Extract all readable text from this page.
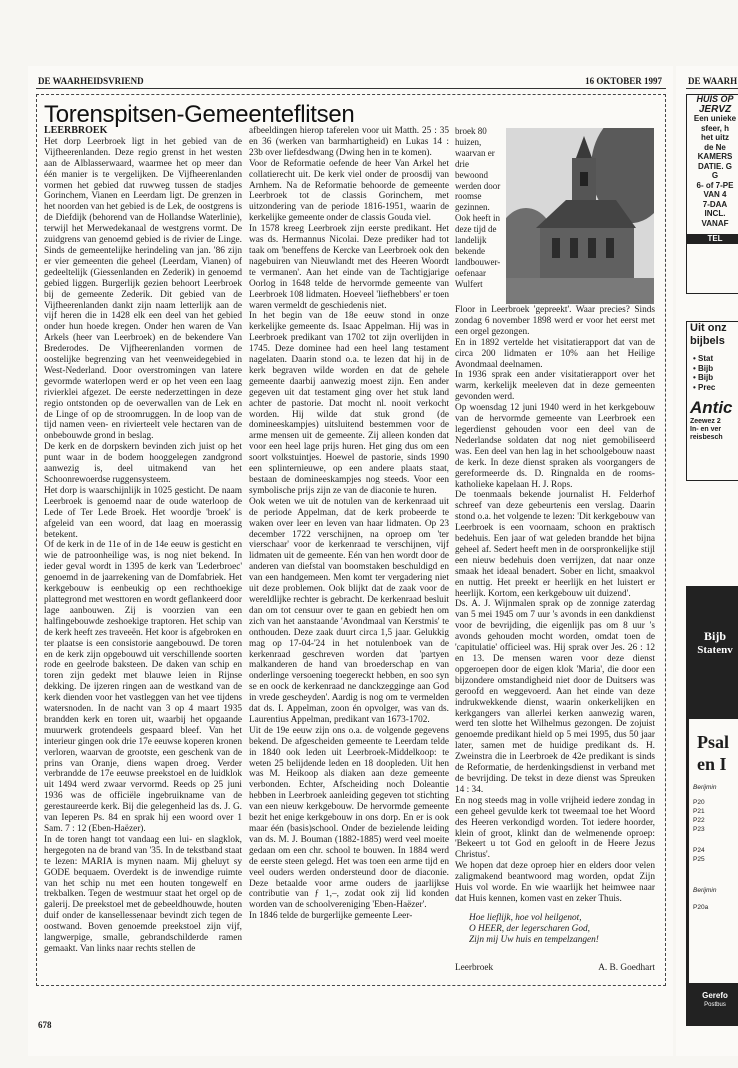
DE WAARHEIDSVRIEND	16 OKTOBER 1997
Torenspitsen-Gemeenteflitsen

LEERBROEK

Het dorp Leerbroek ligt in het gebied van de Vijfheerenlanden. Deze regio grenst in het westen aan de Alblasserwaard, waarmee het op meer dan één manier is te vergelijken. De Vijfheerenlanden vormen het gebied dat ruwweg tussen de stadjes Gorinchem, Vianen en Leerdam ligt. De grenzen in het noorden van het gebied is de Lek, de oostgrens is de Diefdijk (behorend van de Hollandse Waterlinie), terwijl het Merwedekanaal de westgrens vormt. De zuidgrens van genoemd gebied is de rivier de Linge. Sinds de gemeentelijke herindeling van jan. '86 zijn er vier gemeenten die geheel (Leerdam, Vianen) of gedeeltelijk (Giessenlanden en Zederik) in genoemd gebied liggen. Burgerlijk gezien behoort Leerbroek bij de gemeente Zederik. Dit gebied van de Vijfheerenlanden dankt zijn naam letterlijk aan de vijf heren die in 1428 elk een deel van het gebied onder hun hoede kregen. Onder hen waren de Van Arkels (heer van Leerbroek) en de bekendere Van Brederodes. De Vijfheerenlanden vormen de oostelijke begrenzing van het veenweidegebied in West-Nederland. Door overstromingen van latere gevormde waterlopen werd er op het veen een laag rivierklei afgezet. De eerste nederzettingen in deze regio ontstonden op de oeverwallen van de Lek en de Linge of op de stroomruggen. In de loop van de tijd namen veen- en rivierteelt vele hectaren van de onbebouwde grond in beslag.

De kerk en de dorpskern bevinden zich juist op het punt waar in de bodem hooggelegen zandgrond aanwezig is, deel uitmakend van het Schoonrewoerdse ruggensysteem.

Het dorp is waarschijnlijk in 1025 gesticht. De naam Leerbroek is genoemd naar de oude waterloop de Lede of Ter Lede Broek. Het woordje 'broek' is afgeleid van een woord, dat laag en moerassig betekent.

Of de kerk in de 11e of in de 14e eeuw is gesticht en wie de patroonheilige was, is nog niet bekend. In ieder geval wordt in 1395 de kerk van 'Lederbroec' genoemd in de jaarrekening van de Domfabriek. Het kerkgebouw is eenbeukig op een rechthoekige plattegrond met westtoren en wordt geflankeerd door lage aanbouwen. Zij is voorzien van een halfingebouwde zeshoekige traptoren. Het schip van de kerk heeft zes traveeën. Het koor is afgebroken en ter plaatse is een consistorie aangebouwd. De toren en de kerk zijn opgebouwd uit verschillende soorten rode en geelrode baksteen. De daken van schip en toren zijn gedekt met blauwe leien in Rijnse dekking. De ijzeren ringen aan de westkand van de kerk dienden voor het vastleggen van het vee tijdens watersnoden. In de nacht van 3 op 4 maart 1935 brandden kerk en toren uit, waarbij het opgaande muurwerk grotendeels gespaard bleef. Van het interieur gingen ook drie 17e eeuwse koperen kronen verloren, waarvan de grootste, een geschenk van de prins van Oranje, diens wapen droeg. Verder verbrandde de 17e eeuwse preekstoel en de luidklok uit 1494 werd zwaar vervormd. Reeds op 25 juni 1936 was de officiële ingebruikname van de gerestaureerde kerk. Bij die gelegenheid las ds. J. G. van Ieperen Ps. 84 en sprak hij een woord over 1 Sam. 7 : 12 (Eben-Haëzer).

In de toren hangt tot vandaag een lui- en slagklok, hergegoten na de brand van '35. In de tekstband staat te lezen: MARIA is mynen naam. Mij gheluyt sy GODE bequaem. Overdekt is de inwendige ruimte van het schip nu met een houten tongewelf en trekbalken. Tegen de westmuur staat het orgel op de galerij. De preekstoel met de gebeeldhouwde, houten duif onder de kansellessenaar bevindt zich tegen de oostwand. Boven genoemde preekstoel zijn vijf, langwerpige, smalle, gebrandschilderde ramen gemaakt. Van links naar rechts stellen de

afbeeldingen hierop taferelen voor uit Matth. 25 : 35 en 36 (werken van barmhartigheid) en Lukas 14 : 23b over liefdesdwang (Dwing hen in te komen).

Voor de Reformatie oefende de heer Van Arkel het collatierecht uit. De kerk viel onder de proosdij van Arnhem. Na de Reformatie behoorde de gemeente Leerbroek tot de classis Gorinchem, met uitzondering van de periode 1816-1951, waarin de kerkelijke gemeente onder de classis Gouda viel.

In 1578 kreeg Leerbroek zijn eerste predikant. Het was ds. Hermannus Nicolai. Deze prediker had tot taak om 'beneffens de Kercke van Leerbroek ook den nagebuiren van Nieuwlandt met des Heeren Woordt te vermanen'. Aan het einde van de Tachtigjarige Oorlog in 1648 telde de hervormde gemeente van Leerbroek 108 lidmaten. Hoeveel 'liefhebbers' er toen waren vermeldt de geschiedenis niet.

In het begin van de 18e eeuw stond in onze kerkelijke gemeente ds. Isaac Appelman. Hij was in Leerbroek predikant van 1702 tot zijn overlijden in 1745. Deze dominee had een heel lang testament nagelaten. Daarin stond o.a. te lezen dat hij in de kerk begraven wilde worden en dat de gehele gemeente daarbij aanwezig moest zijn. Een ander gegeven uit dat testament ging over het stuk land achter de pastorie. Dat mocht nl. nooit verkocht worden. Hij wilde dat stuk grond (de domineeskampjes) uitsluitend bestemmen voor de arme mensen uit de gemeente. Zij alleen konden dat voor een heel lage prijs huren. Het ging dus om een soort volkstuintjes. Hoewel de pastorie, sinds 1990 een splinternieuwe, op een andere plaats staat, bestaan de domineeskampjes nog steeds. Voor een symbolische prijs zijn ze van de diaconie te huren.

Ook weten we uit de notulen van de kerkenraad uit de periode Appelman, dat de kerk probeerde te waken over leer en leven van haar lidmaten. Op 23 december 1722 verschijnen, na oproep om 'ter vierschaar' voor de kerkenraad te verschijnen, vijf lidmaten uit de gemeente. Eén van hen wordt door de anderen van diefstal van boomstaken beschuldigd en van een handgemeen. Men komt ter vergadering niet uit deze problemen. Ook blijkt dat de zaak voor de wereldlijke rechter is gebracht. De kerkenraad besluit dan om tot censuur over te gaan en gebiedt hen om zich van het aanstaande 'Avondmaal van Kerstmis' te onthouden. Deze zaak duurt circa 1,5 jaar. Gelukkig mag op 17-04-'24 in het notulenboek van de kerkenraad geschreven worden dat 'partyen malkanderen de hand van broederschap en van onderlinge versoening toegereckt hebben, en soo syn se en oock de kerkenraad ne danckzegginge aan God in vrede gescheyden'. Aardig is nog om te vermelden dat ds. I. Appelman, zoon én opvolger, was van ds. Laurentius Appelman, predikant van 1673-1702.

Uit de 19e eeuw zijn ons o.a. de volgende gegevens bekend. De afgescheiden gemeente te Leerdam telde in 1840 ook leden uit Leerbroek-Middelkoop: te weten 25 belijdende leden en 18 doopleden. Uit hen was M. Heikoop als diaken aan deze gemeente verbonden. Echter, Afscheiding noch Doleantie hebben in Leerbroek aanleiding gegeven tot stichting van een nieuw kerkgebouw. De hervormde gemeente bezit het enige kerkgebouw in ons dorp. En er is ook maar één (basis)school. Onder de bezielende leiding van ds. M. J. Bouman (1882-1885) werd veel moeite gedaan om een chr. school te bouwen. In 1884 werd de eerste steen gelegd. Het was toen een arme tijd en veel ouders werden ondersteund door de diaconie. Deze betaalde voor arme ouders de jaarlijkse contributie van ƒ 1,–, zodat ook zij lid konden worden van de schoolvereniging 'Eben-Haëzer'.

In 1846 telde de burgerlijke gemeente Leer-

broek 80 huizen, waarvan er drie bewoond werden door roomse gezinnen. Ook heeft in deze tijd de landelijk bekende landbouwer-oefenaar Wulfert

Floor in Leerbroek 'gepreekt'. Waar precies? Sinds zondag 6 november 1898 werd er voor het eerst met een orgel gezongen.

En in 1892 vertelde het visitatierapport dat van de circa 200 lidmaten er 10% aan het Heilige Avondmaal deelnamen.

In 1936 sprak een ander visitatierapport over het warm, kerkelijk meeleven dat in deze gemeenten gevonden werd.

Op woensdag 12 juni 1940 werd in het kerkgebouw van de hervormde gemeente van Leerbroek een legerdienst gehouden voor een deel van de Nederlandse soldaten dat nog niet gemobiliseerd was. Een deel van hen lag in het schoolgebouw naast de kerk. In deze dienst spraken als voorgangers de gereformeerde ds. D. Ringnalda en de rooms-katholieke kapelaan H. J. Rops.

De toenmaals bekende journalist H. Felderhof schreef van deze gebeurtenis een verslag. Daarin stond o.a. het volgende te lezen: 'Dit kerkgebouw van Leerbroek is een voornaam, schoon en praktisch bedehuis. Een jaar of wat geleden brandde het bijna geheel af. Sedert heeft men in de oorspronkelijke stijl een nieuw bedehuis doen verrijzen, dat naar onze smaak het ideaal benadert. Sober en licht, smaakvol en nuttig. Het preekt er heerlijk en het luistert er heerlijk. Kortom, een kerkgebouw uit duizend'.

Ds. A. J. Wijnmalen sprak op de zonnige zaterdag van 5 mei 1945 om 7 uur 's avonds in een dankdienst voor de bevrijding, die eigenlijk pas om 8 uur 's avonds gehouden mocht worden, omdat toen de 'capitulatie' officieel was. Hij sprak over Jes. 26 : 12 en 13. De mensen waren voor deze dienst opgeroepen door de eigen klok 'Maria', die door een bijzondere omstandigheid niet door de Duitsers was geroofd en weggevoerd. Aan het einde van deze indrukwekkende dienst, waarin onkerkelijken en kerkgangers van allerlei kerken aanwezig waren, werd ten slotte het Wilhelmus gezongen. De zojuist genoemde predikant hield op 5 mei 1995, dus 50 jaar later, samen met de huidige predikant ds. H. Zweinstra die in Leerbroek de 42e predikant is sinds de Reformatie, de herdenkingsdienst in verband met de bevrijding. De tekst in deze dienst was Spreuken 14 : 34.

En nog steeds mag in volle vrijheid iedere zondag in een geheel gevulde kerk tot tweemaal toe het Woord des Heeren verkondigd worden. Tot iedere hoorder, klein of groot, klinkt dan de welmenende oproep: 'Bekeert u tot God en gelooft in de Heere Jezus Christus'.

We hopen dat deze oproep hier en elders door velen zaligmakend beantwoord mag worden, opdat Zijn Huis vol worde. En wie waarlijk het heimwee naar dat Huis kennen, komen vast en zeker Thuis.

Hoe lieflijk, hoe vol heilgenot,
O HEER, der legerscharen God,
Zijn mij Uw huis en tempelzangen!

Leerbroek	A. B. Goedhart
678
DE WAARH
HUIS OP
JERVZ
Een unieke
sfeer, h
het uitz
de Ne
KAMERS
DATIE. G
G
6- of 7-PE
VAN 4
7-DAA
INCL.
VANAF
TEL
Uit onz
bijbels
• Stat
• Bijb
• Bijb
• Prec
Antic
Zeewez 2
In- en ver
reisbesch
Bijb
Statenv
Psal
en I
Berijmin
P20
P21
P22
P23
P24
P25
Berijmin
P20a
Gerefo
Postbus
